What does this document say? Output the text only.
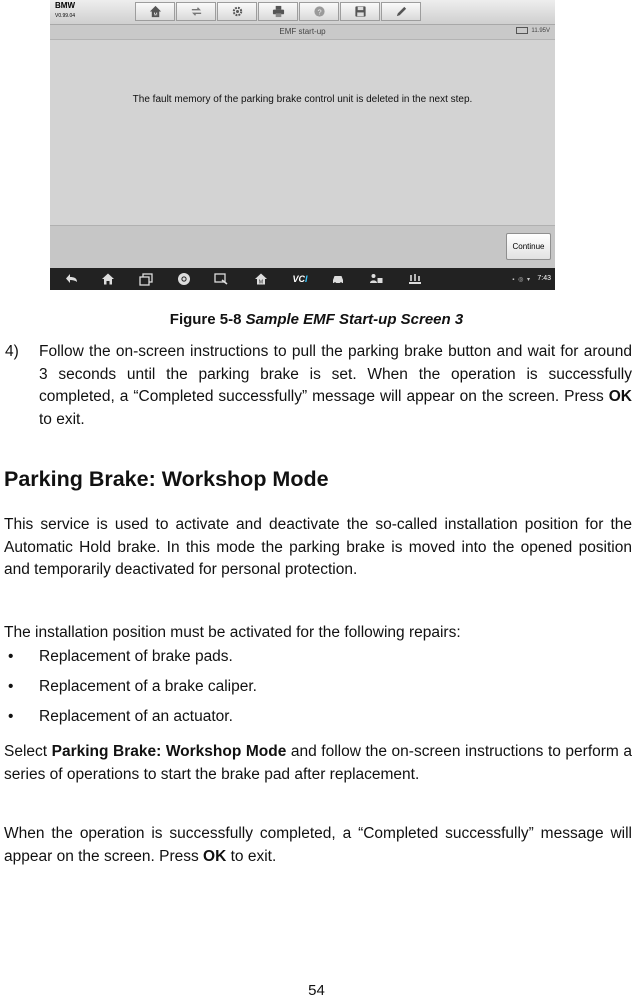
BMW
V0.99.04	M	?
EMF start-up	11.95V
The fault memory of the parking brake control unit is deleted in the next step.
Continue
M	VC I	▪ ◎ ▾ 7:43
Figure 5-8 Sample EMF Start-up Screen 3
4) Follow the on-screen instructions to pull the parking brake button and wait for around 3 seconds until the parking brake is set. When the operation is successfully completed, a “Completed successfully” message will appear on the screen. Press OK to exit.
Parking Brake: Workshop Mode
This service is used to activate and deactivate the so-called installation position for the Automatic Hold brake. In this mode the parking brake is moved into the opened position and temporarily deactivated for personal protection.
The installation position must be activated for the following repairs:
• Replacement of brake pads.
• Replacement of a brake caliper.
• Replacement of an actuator.
Select Parking Brake: Workshop Mode and follow the on-screen instructions to perform a series of operations to start the brake pad after replacement.
When the operation is successfully completed, a “Completed successfully” message will appear on the screen. Press OK to exit.
54
